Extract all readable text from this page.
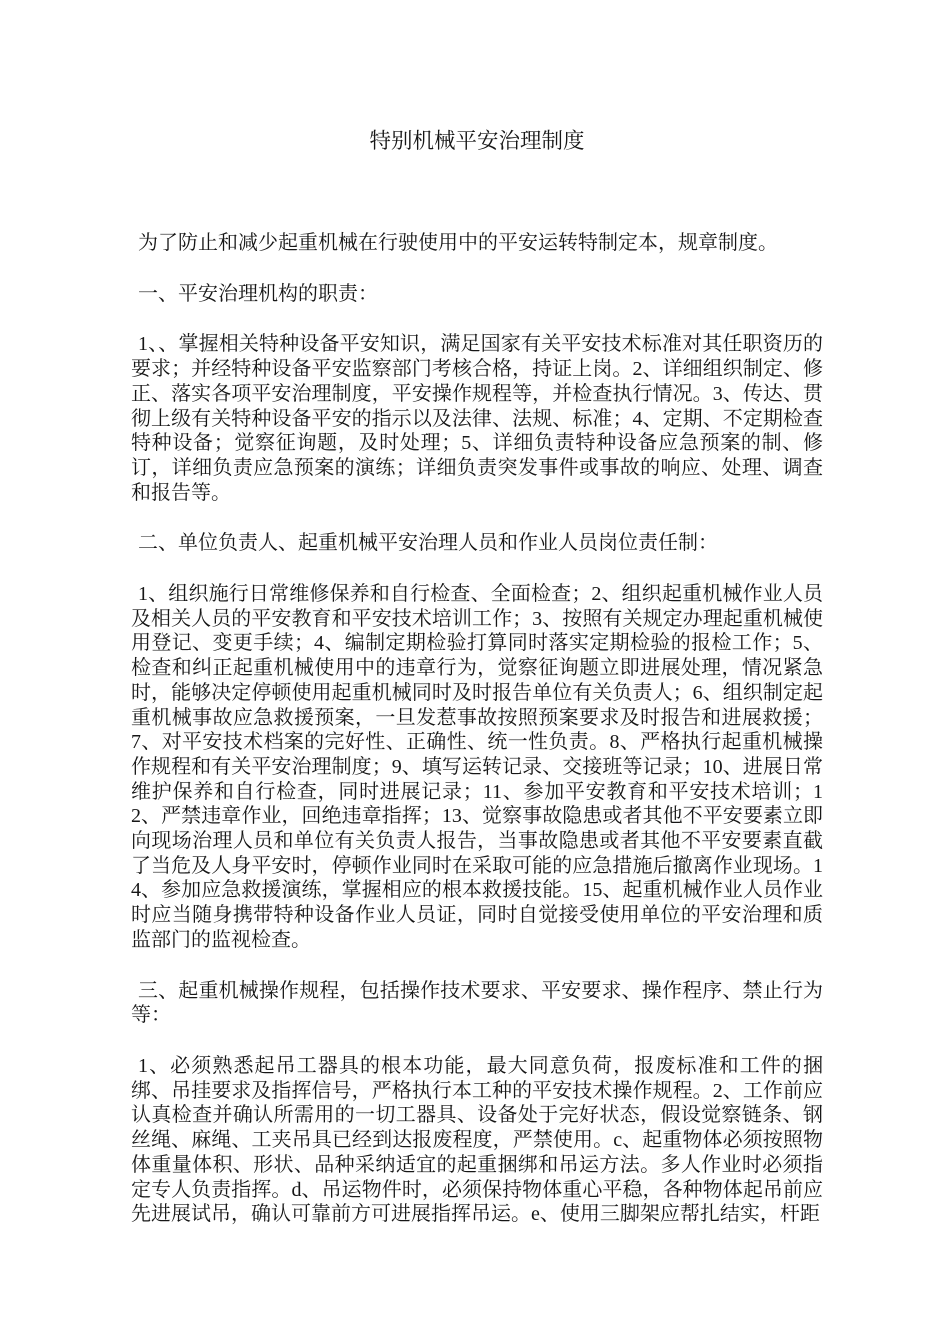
特别机械平安治理制度
为了防止和减少起重机械在行驶使用中的平安运转特制定本，规章制度。
一、平安治理机构的职责：
1、、掌握相关特种设备平安知识，满足国家有关平安技术标准对其任职资历的要求；并经特种设备平安监察部门考核合格，持证上岗。2、详细组织制定、修正、落实各项平安治理制度，平安操作规程等，并检查执行情况。3、传达、贯彻上级有关特种设备平安的指示以及法律、法规、标准；4、定期、不定期检查特种设备；觉察征询题，及时处理；5、详细负责特种设备应急预案的制、修订，详细负责应急预案的演练；详细负责突发事件或事故的响应、处理、调查和报告等。
二、单位负责人、起重机械平安治理人员和作业人员岗位责任制：
1、组织施行日常维修保养和自行检查、全面检查；2、组织起重机械作业人员及相关人员的平安教育和平安技术培训工作；3、按照有关规定办理起重机械使用登记、变更手续；4、编制定期检验打算同时落实定期检验的报检工作；5、检查和纠正起重机械使用中的违章行为，觉察征询题立即进展处理，情况紧急时，能够决定停顿使用起重机械同时及时报告单位有关负责人；6、组织制定起重机械事故应急救援预案，一旦发惹事故按照预案要求及时报告和进展救援；7、对平安技术档案的完好性、正确性、统一性负责。8、严格执行起重机械操作规程和有关平安治理制度；9、填写运转记录、交接班等记录；10、进展日常维护保养和自行检查，同时进展记录；11、参加平安教育和平安技术培训；12、严禁违章作业，回绝违章指挥；13、觉察事故隐患或者其他不平安要素立即向现场治理人员和单位有关负责人报告，当事故隐患或者其他不平安要素直截了当危及人身平安时，停顿作业同时在采取可能的应急措施后撤离作业现场。14、参加应急救援演练，掌握相应的根本救援技能。15、起重机械作业人员作业时应当随身携带特种设备作业人员证，同时自觉接受使用单位的平安治理和质监部门的监视检查。
三、起重机械操作规程，包括操作技术要求、平安要求、操作程序、禁止行为等：
1、必须熟悉起吊工器具的根本功能，最大同意负荷，报废标准和工件的捆绑、吊挂要求及指挥信号，严格执行本工种的平安技术操作规程。2、工作前应认真检查并确认所需用的一切工器具、设备处于完好状态，假设觉察链条、钢丝绳、麻绳、工夹吊具已经到达报废程度，严禁使用。c、起重物体必须按照物体重量体积、形状、品种采纳适宜的起重捆绑和吊运方法。多人作业时必须指定专人负责指挥。d、吊运物件时，必须保持物体重心平稳，各种物体起吊前应先进展试吊，确认可靠前方可进展指挥吊运。e、使用三脚架应帮扎结实，杆距
